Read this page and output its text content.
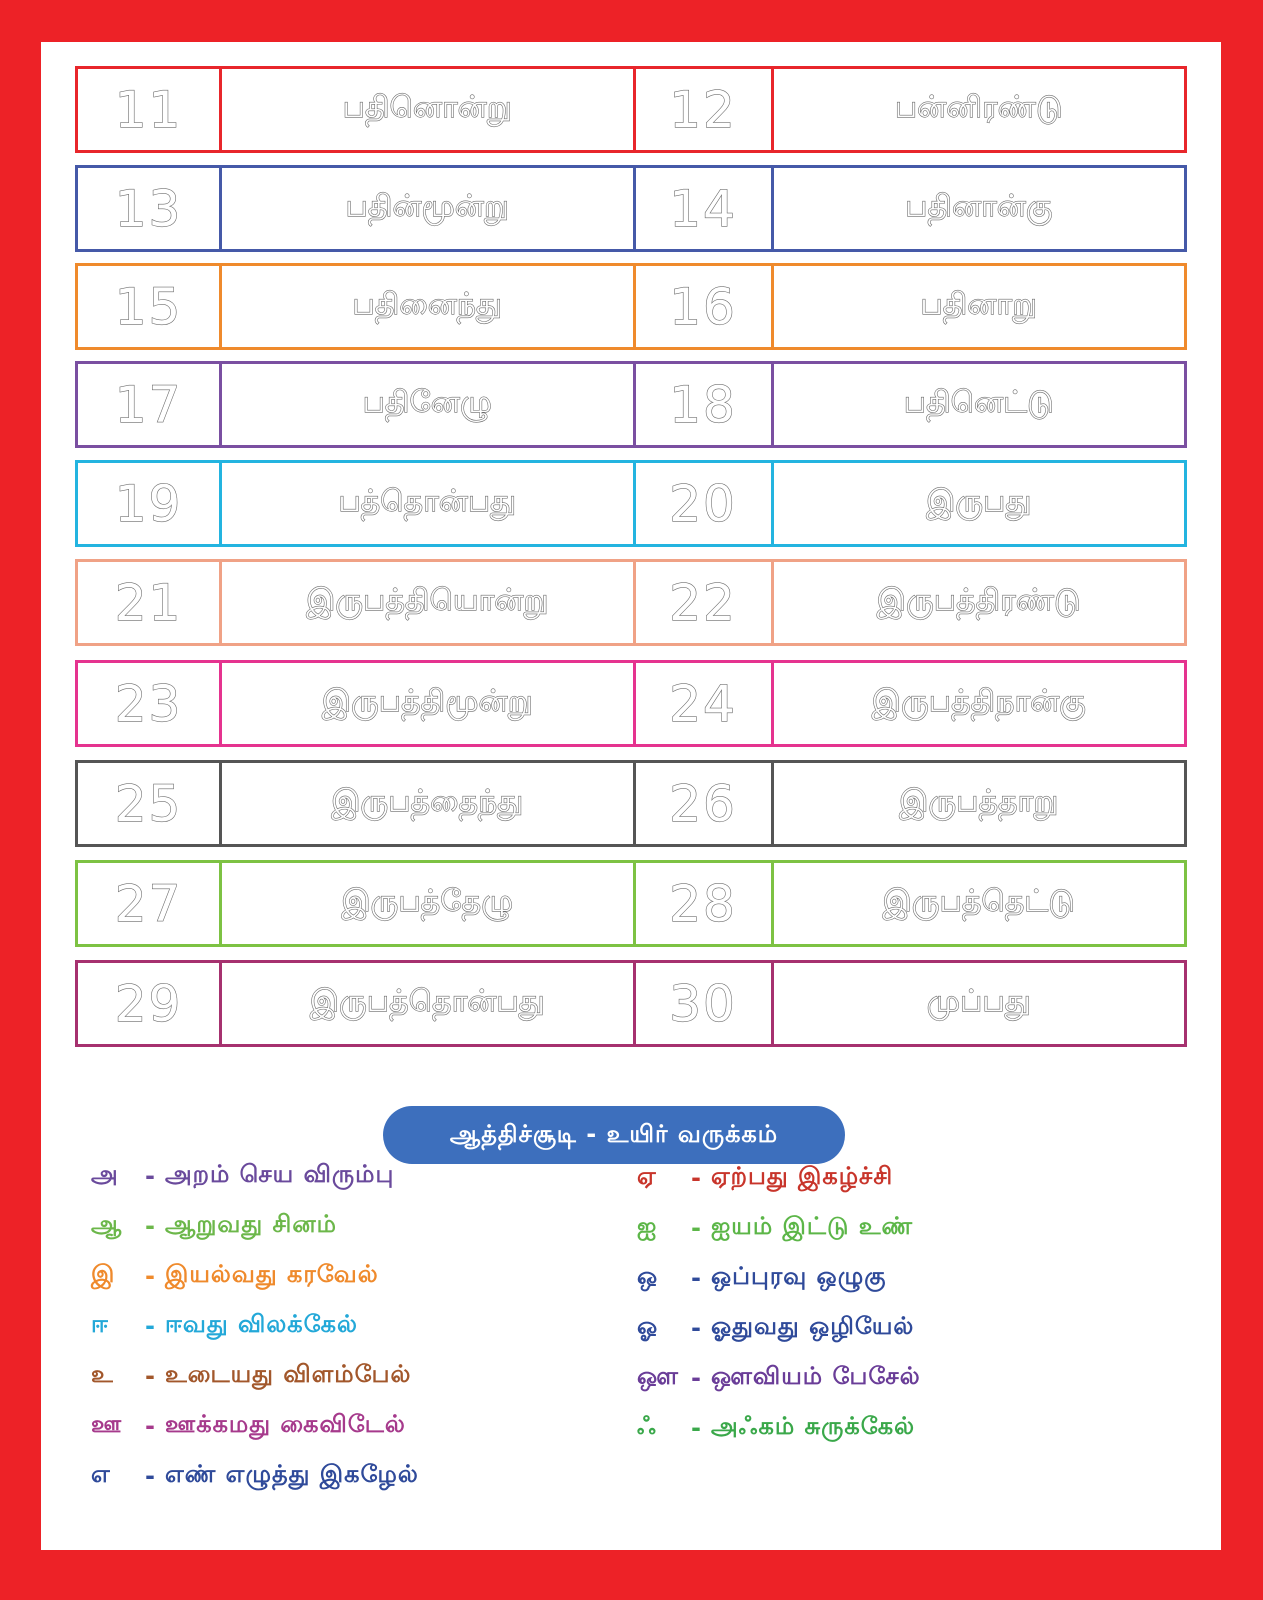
11	பதினொன்று	12	பன்னிரண்டு
13	பதின்மூன்று	14	பதினான்கு
15	பதினைந்து	16	பதினாறு
17	பதினேழு	18	பதினெட்டு
19	பத்தொன்பது	20	இருபது
21	இருபத்தியொன்று 22	இருபத்திரண்டு
23	இருபத்திமூன்று	24	இருபத்திநான்கு
25	இருபத்தைந்து	26	இருபத்தாறு
27	இருபத்தேழு	28	இருபத்தெட்டு
29	இருபத்தொன்பது 30	முப்பது
ஆத்திச்சூடி - உயிர் வருக்கம்
அ	- அறம் செய விரும்பு
ஆ - ஆறுவது சினம்
இ	- இயல்வது கரவேல்
ஈ	- ஈவது விலக்கேல்
உ	- உடையது விளம்பேல்
ஊ - ஊக்கமது கைவிடேல்
எ	- எண் எழுத்து இகழேல்
ஏ	- ஏற்பது இகழ்ச்சி
ஐ	- ஐயம் இட்டு உண்
ஒ	- ஒப்புரவு ஒழுகு
ஓ	- ஓதுவது ஒழியேல்
ஔ - ஔவியம் பேசேல்
ஃ	- அஃகம் சுருக்கேல்
